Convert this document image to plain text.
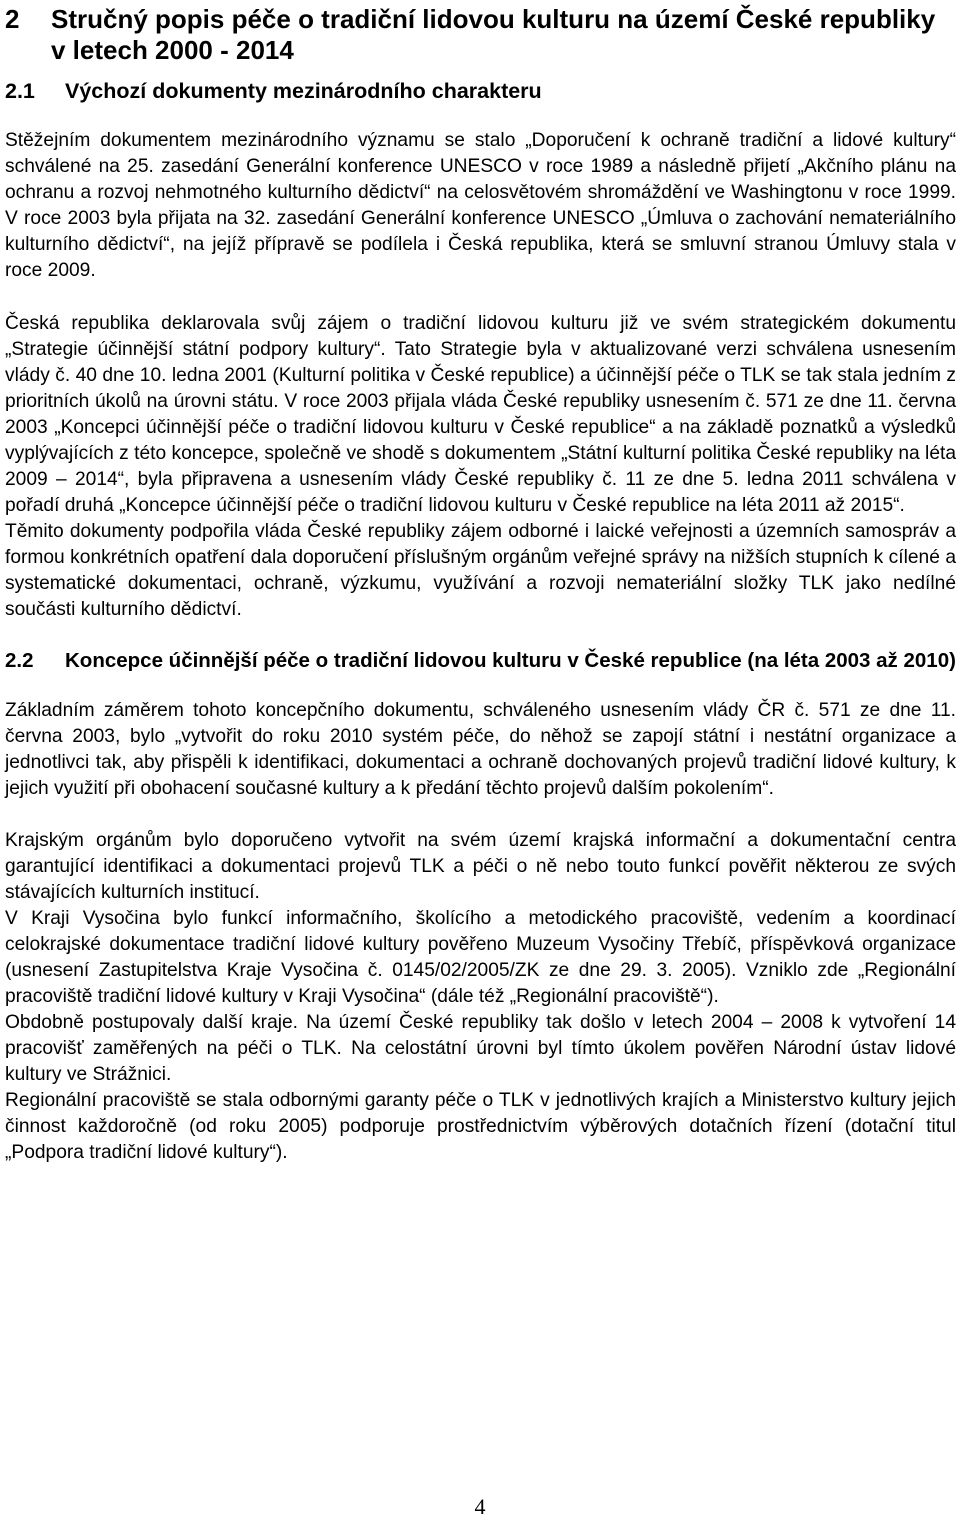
2	Stručný popis péče o tradiční lidovou kulturu na území České republiky v letech 2000 - 2014
2.1	Výchozí dokumenty mezinárodního charakteru

Stěžejním dokumentem mezinárodního významu se stalo „Doporučení k ochraně tradiční a lidové kultury“ schválené na 25. zasedání Generální konference UNESCO v roce 1989 a následně přijetí „Akčního plánu na ochranu a rozvoj nehmotného kulturního dědictví“ na celosvětovém shromáždění ve Washingtonu v roce 1999. V roce 2003 byla přijata na 32. zasedání Generální konference UNESCO „Úmluva o zachování nemateriálního kulturního dědictví“, na jejíž přípravě se podílela i Česká republika, která se smluvní stranou Úmluvy stala v roce 2009.

Česká republika deklarovala svůj zájem o tradiční lidovou kulturu již ve svém strategickém dokumentu „Strategie účinnější státní podpory kultury“. Tato Strategie byla v aktualizované verzi schválena usnesením vlády č. 40 dne 10. ledna 2001 (Kulturní politika v České republice) a účinnější péče o TLK se tak stala jedním z prioritních úkolů na úrovni státu. V roce 2003 přijala vláda České republiky usnesením č. 571 ze dne 11. června 2003 „Koncepci účinnější péče o tradiční lidovou kulturu v České republice“ a na základě poznatků a výsledků vyplývajících z této koncepce, společně ve shodě s dokumentem „Státní kulturní politika České republiky na léta 2009 – 2014“, byla připravena a usnesením vlády České republiky č. 11 ze dne 5. ledna 2011 schválena v pořadí druhá „Koncepce účinnější péče o tradiční lidovou kulturu v České republice na léta 2011 až 2015“.

Těmito dokumenty podpořila vláda České republiky zájem odborné i laické veřejnosti a územních samospráv a formou konkrétních opatření dala doporučení příslušným orgánům veřejné správy na nižších stupních k cílené a systematické dokumentaci, ochraně, výzkumu, využívání a rozvoji nemateriální složky TLK jako nedílné součásti kulturního dědictví.

2.2	Koncepce účinnější péče o tradiční lidovou kulturu v České republice (na léta 2003 až 2010)

Základním záměrem tohoto koncepčního dokumentu, schváleného usnesením vlády ČR č. 571 ze dne 11. června 2003, bylo „vytvořit do roku 2010 systém péče, do něhož se zapojí státní i nestátní organizace a jednotlivci tak, aby přispěli k identifikaci, dokumentaci a ochraně dochovaných projevů tradiční lidové kultury, k jejich využití při obohacení současné kultury a k předání těchto projevů dalším pokolením“.

Krajským orgánům bylo doporučeno vytvořit na svém území krajská informační a dokumentační centra garantující identifikaci a dokumentaci projevů TLK a péči o ně nebo touto funkcí pověřit některou ze svých stávajících kulturních institucí.

V Kraji Vysočina bylo funkcí informačního, školícího a metodického pracoviště, vedením a koordinací celokrajské dokumentace tradiční lidové kultury pověřeno Muzeum Vysočiny Třebíč, příspěvková organizace (usnesení Zastupitelstva Kraje Vysočina č. 0145/02/2005/ZK ze dne 29. 3. 2005). Vzniklo zde „Regionální pracoviště tradiční lidové kultury v Kraji Vysočina“ (dále též „Regionální pracoviště“).

Obdobně postupovaly další kraje. Na území České republiky tak došlo v letech 2004 – 2008 k vytvoření 14 pracovišť zaměřených na péči o TLK. Na celostátní úrovni byl tímto úkolem pověřen Národní ústav lidové kultury ve Strážnici.

Regionální pracoviště se stala odbornými garanty péče o TLK v jednotlivých krajích a Ministerstvo kultury jejich činnost každoročně (od roku 2005) podporuje prostřednictvím výběrových dotačních řízení (dotační titul „Podpora tradiční lidové kultury“).

4
